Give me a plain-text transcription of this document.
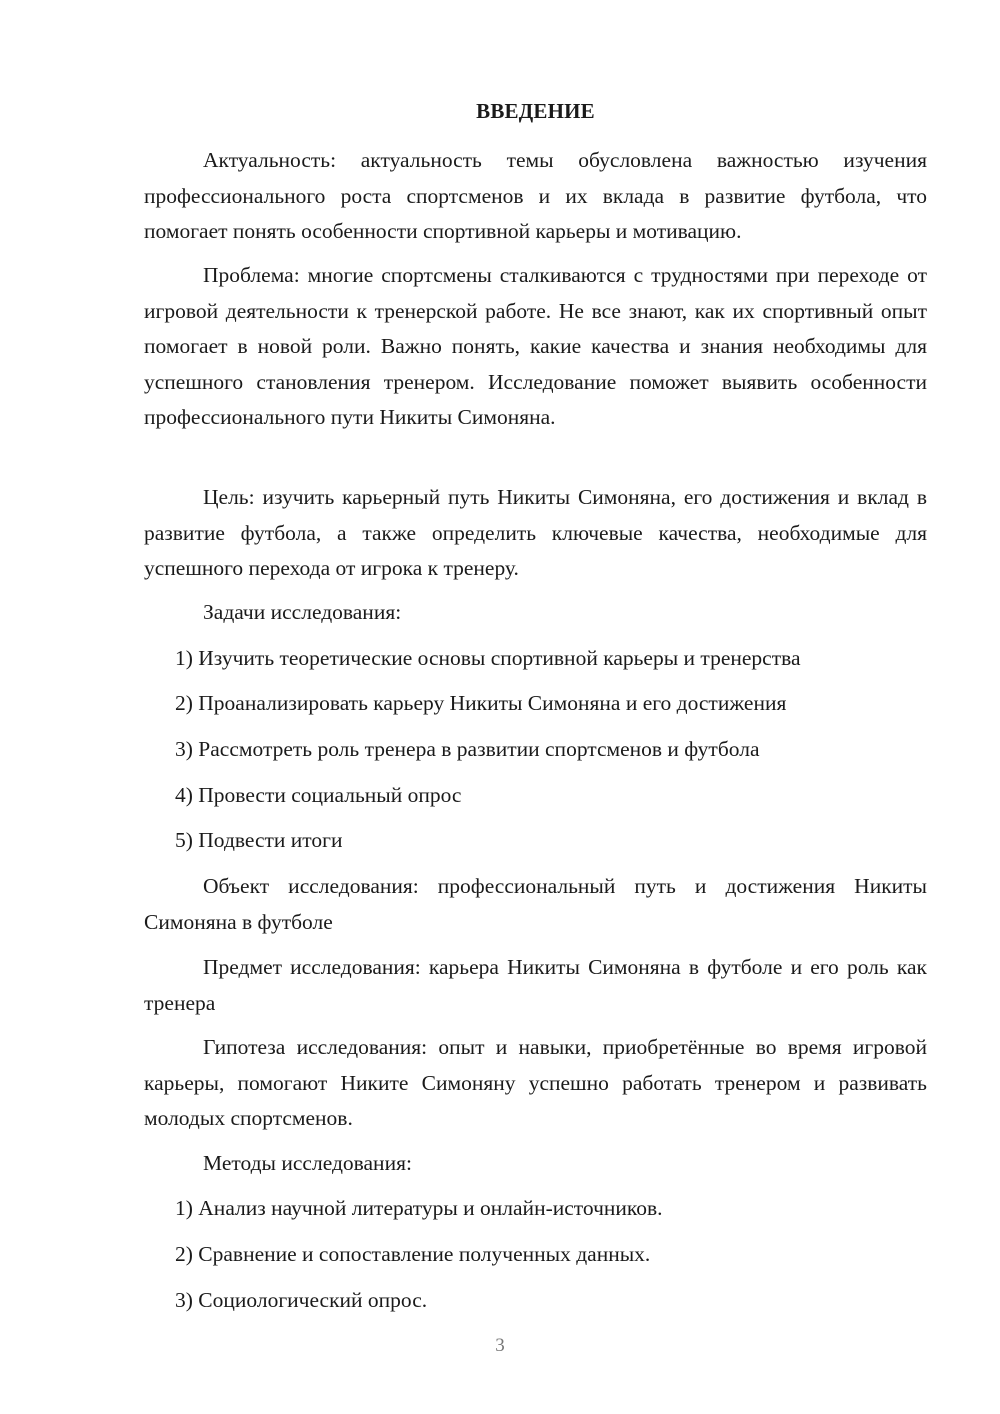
ВВЕДЕНИЕ
Актуальность: актуальность темы обусловлена важностью изучения профессионального роста спортсменов и их вклада в развитие футбола, что помогает понять особенности спортивной карьеры и мотивацию.
Проблема: многие спортсмены сталкиваются с трудностями при переходе от игровой деятельности к тренерской работе. Не все знают, как их спортивный опыт помогает в новой роли. Важно понять, какие качества и знания необходимы для успешного становления тренером. Исследование поможет выявить особенности профессионального пути Никиты Симоняна.
Цель: изучить карьерный путь Никиты Симоняна, его достижения и вклад в развитие футбола, а также определить ключевые качества, необходимые для успешного перехода от игрока к тренеру.
Задачи исследования:
1) Изучить теоретические основы спортивной карьеры и тренерства
2) Проанализировать карьеру Никиты Симоняна и его достижения
3) Рассмотреть роль тренера в развитии спортсменов и футбола
4) Провести социальный опрос
5) Подвести итоги
Объект исследования: профессиональный путь и достижения Никиты Симоняна в футболе
Предмет исследования: карьера Никиты Симоняна в футболе и его роль как тренера
Гипотеза исследования: опыт и навыки, приобретённые во время игровой карьеры, помогают Никите Симоняну успешно работать тренером и развивать молодых спортсменов.
Методы исследования:
1) Анализ научной литературы и онлайн-источников.
2) Сравнение и сопоставление полученных данных.
3) Социологический опрос.
3
